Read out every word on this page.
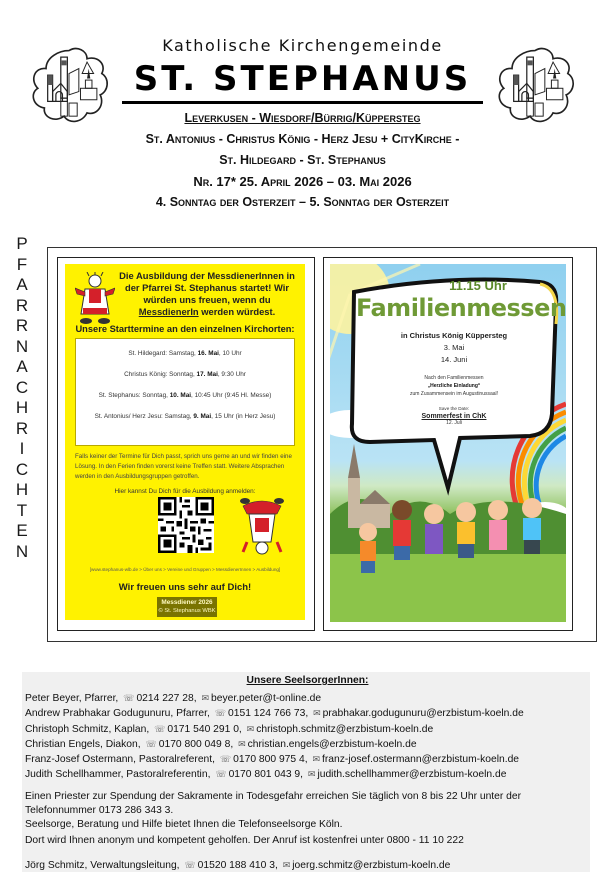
Katholische Kirchengemeinde
ST. STEPHANUS
Leverkusen - Wiesdorf/Bürrig/Küppersteg
St. Antonius - Christus König - Herz Jesu + CityKirche -
St. Hildegard - St. Stephanus
Nr. 17* 25. April 2026 – 03. Mai 2026
4. Sonntag der Osterzeit – 5. Sonntag der Osterzeit
P
F
A
R
R
N
A
C
H
R
I
C
H
T
E
N
Die Ausbildung der MessdienerInnen in der Pfarrei St. Stephanus startet! Wir würden uns freuen, wenn du MessdienerIn werden würdest.
Unsere Starttermine an den einzelnen Kirchorten:
St. Hildegard: Samstag, 16. Mai, 10 Uhr
Christus König: Sonntag, 17. Mai, 9:30 Uhr
St. Stephanus: Sonntag, 10. Mai, 10:45 Uhr (9:45 Hl. Messe)
St. Antonius/ Herz Jesu: Samstag, 9. Mai, 15 Uhr (in Herz Jesu)
Falls keiner der Termine für Dich passt, sprich uns gerne an und wir finden eine Lösung. In den Ferien finden vorerst keine Treffen statt. Weitere Absprachen werden in den Ausbildungsgruppen getroffen.
Hier kannst Du Dich für die Ausbildung anmelden:
[www.stephanus-wlb.de > Über uns > Vereine und Gruppen > MessdienerInnen > Ausbildung]
Wir freuen uns sehr auf Dich!
Messdiener 2026
© St. Stephanus WBK
11.15 Uhr
Familienmessen
in Christus König Küppersteg
3. Mai
14. Juni
Nach den Familienmessen
„Herzliche Einladung“
zum Zusammensein im Augustinussaal!
Save the Date:
Sommerfest in ChK
12. Juli
Unsere SeelsorgerInnen:
Peter Beyer, Pfarrer, ☏ 0214 227 28, ✉ beyer.peter@t-online.de
Andrew Prabhakar Godugunuru, Pfarrer, ☏ 0151 124 766 73, ✉ prabhakar.godugunuru@erzbistum-koeln.de
Christoph Schmitz, Kaplan, ☏ 0171 540 291 0, ✉ christoph.schmitz@erzbistum-koeln.de
Christian Engels, Diakon, ☏ 0170 800 049 8, ✉ christian.engels@erzbistum-koeln.de
Franz-Josef Ostermann, Pastoralreferent, ☏ 0170 800 975 4, ✉ franz-josef.ostermann@erzbistum-koeln.de
Judith Schellhammer, Pastoralreferentin, ☏ 0170 801 043 9, ✉ judith.schellhammer@erzbistum-koeln.de

Einen Priester zur Spendung der Sakramente in Todesgefahr erreichen Sie täglich von 8 bis 22 Uhr unter der Telefonnummer 0173 286 343 3.

Seelsorge, Beratung und Hilfe bietet Ihnen die Telefonseelsorge Köln.

Dort wird Ihnen anonym und kompetent geholfen. Der Anruf ist kostenfrei unter 0800 - 11 10 222

Jörg Schmitz, Verwaltungsleitung, ☏ 01520 188 410 3, ✉ joerg.schmitz@erzbistum-koeln.de
